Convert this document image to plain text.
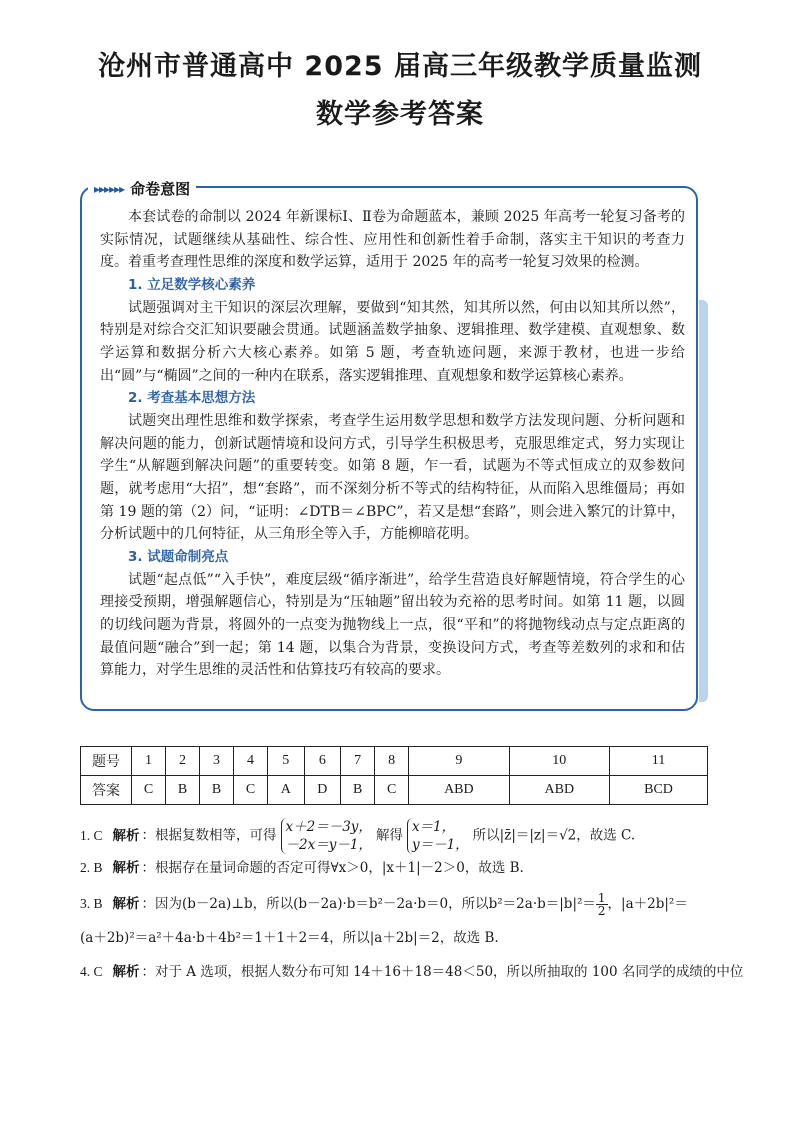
沧州市普通高中 2025 届高三年级教学质量监测
数学参考答案
▸▸▸▸▸▸ 命卷意图

本套试卷的命制以 2024 年新课标Ⅰ、Ⅱ卷为命题蓝本，兼顾 2025 年高考一轮复习备考的实际情况，试题继续从基础性、综合性、应用性和创新性着手命制，落实主干知识的考查力度。着重考查理性思维的深度和数学运算，适用于 2025 年的高考一轮复习效果的检测。

1. 立足数学核心素养

试题强调对主干知识的深层次理解，要做到“知其然，知其所以然，何由以知其所以然”，特别是对综合交汇知识要融会贯通。试题涵盖数学抽象、逻辑推理、数学建模、直观想象、数学运算和数据分析六大核心素养。如第 5 题，考查轨迹问题，来源于教材，也进一步给出“圆”与“椭圆”之间的一种内在联系，落实逻辑推理、直观想象和数学运算核心素养。

2. 考查基本思想方法

试题突出理性思维和数学探索，考查学生运用数学思想和数学方法发现问题、分析问题和解决问题的能力，创新试题情境和设问方式，引导学生积极思考，克服思维定式，努力实现让学生“从解题到解决问题”的重要转变。如第 8 题，乍一看，试题为不等式恒成立的双参数问题，就考虑用“大招”，想“套路”，而不深刻分析不等式的结构特征，从而陷入思维僵局；再如第 19 题的第（2）问，“证明：∠DTB＝∠BPC”，若又是想“套路”，则会进入繁冗的计算中，分析试题中的几何特征，从三角形全等入手，方能柳暗花明。

3. 试题命制亮点

试题“起点低”“入手快”，难度层级“循序渐进”，给学生营造良好解题情境，符合学生的心理接受预期，增强解题信心，特别是为“压轴题”留出较为充裕的思考时间。如第 11 题，以圆的切线问题为背景，将圆外的一点变为抛物线上一点，很“平和”的将抛物线动点与定点距离的最值问题“融合”到一起；第 14 题，以集合为背景，变换设问方式，考查等差数列的求和和估算能力，对学生思维的灵活性和估算技巧有较高的要求。

题号	1	2	3	4	5	6	7	8	9	10	11
答案	C	B	B	C	A	D	B	C	ABD	ABD	BCD
1. C 解析 ：根据复数相等，可得
x＋2＝－3y，
－2x＝y－1，
解得
x＝1，
y＝－1，
所以|z̄|＝|z|＝√2，故选 C.
2. B 解析 ：根据存在量词命题的否定可得∀x＞0，|x＋1|－2＞0，故选 B.
3. B 解析 ：因为(b－2a)⊥b，所以(b－2a)·b＝b²－2a·b＝0，所以$b^2=2a\cdot b=|b|^2= \frac{1}{2}$ ，|a＋2b|²＝
(a＋2b)²＝a²＋4a·b＋4b²＝1＋1＋2＝4，所以|a＋2b|＝2，故选 B.
4. C 解析 ：对于 A 选项，根据人数分布可知 14＋16＋18＝48＜50，所以所抽取的 100 名同学的成绩的中位
